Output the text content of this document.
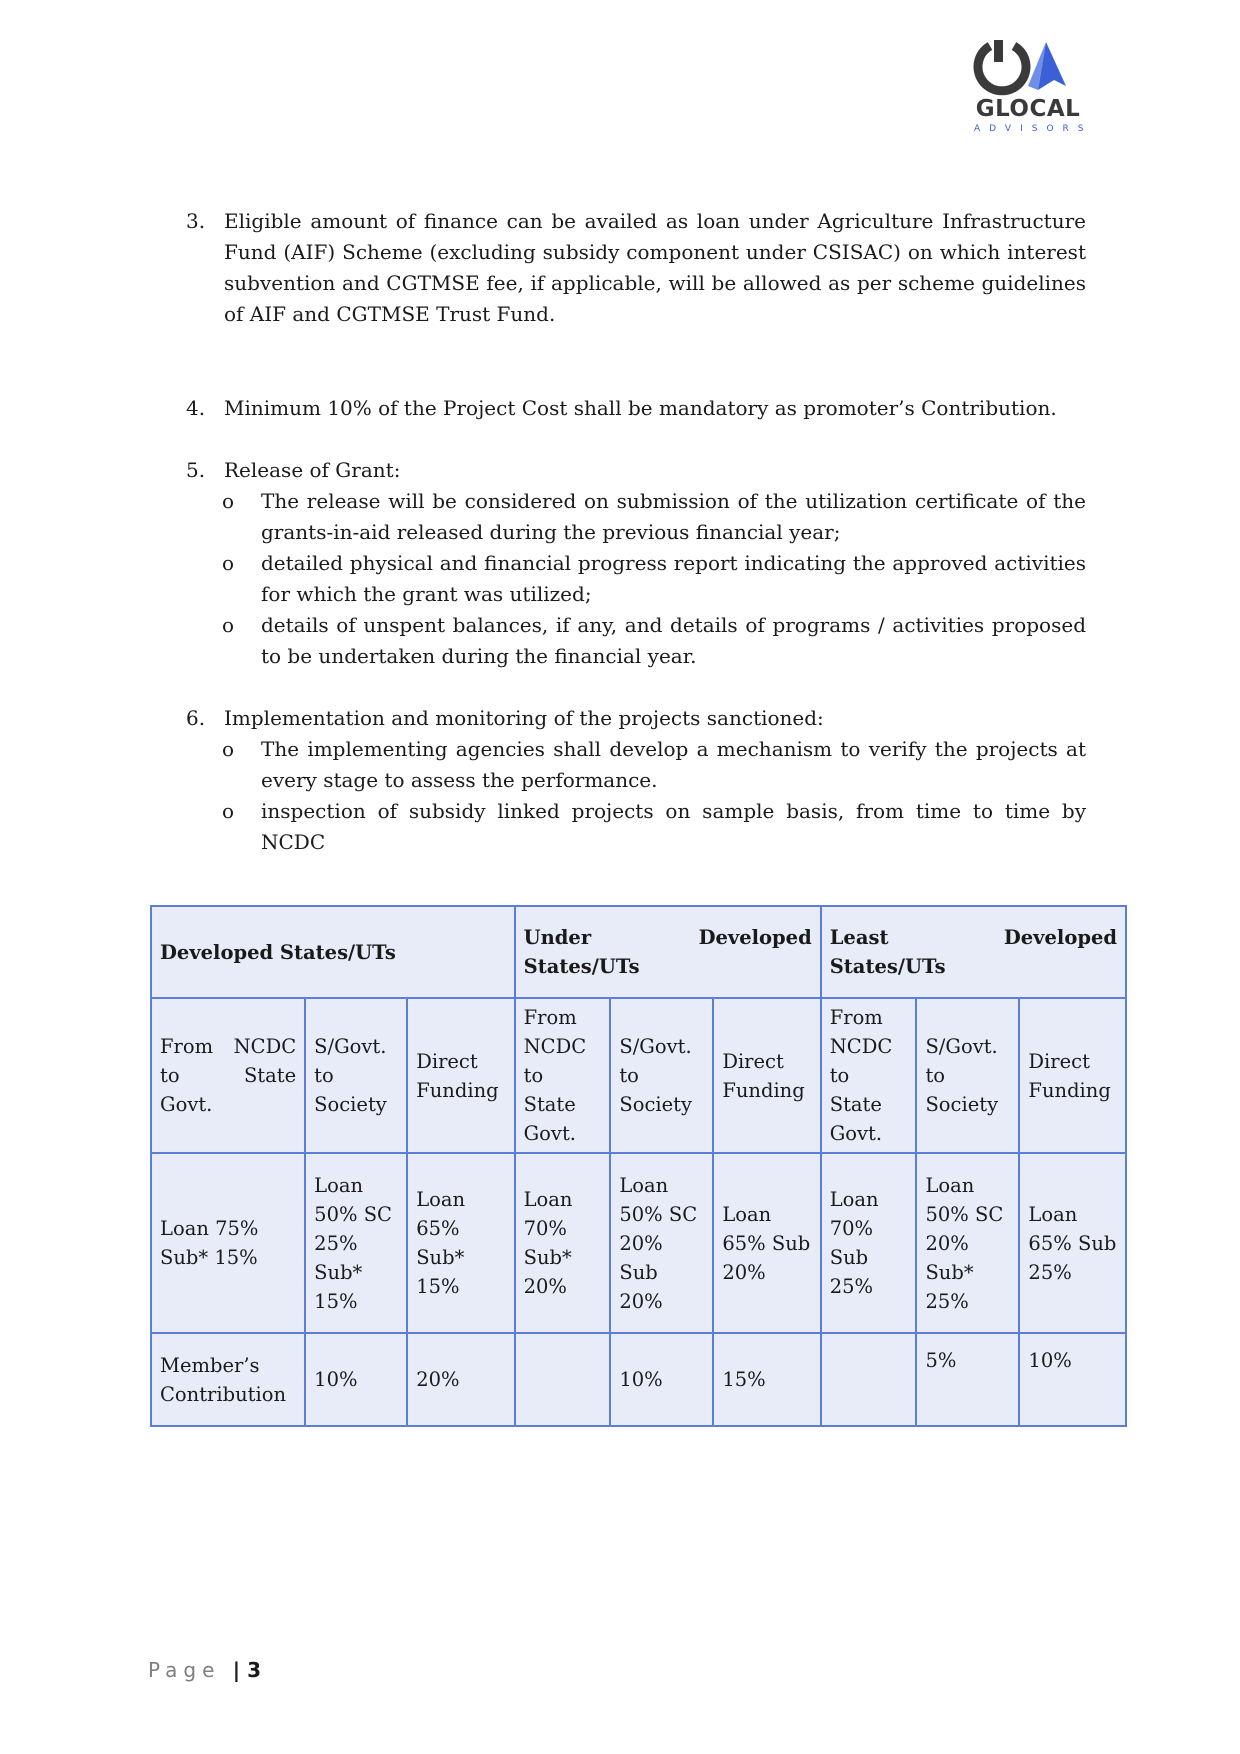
GLOCAL
ADVISORS
3. Eligible amount of finance can be availed as loan under Agriculture Infrastructure Fund (AIF) Scheme (excluding subsidy component under CSISAC) on which interest subvention and CGTMSE fee, if applicable, will be allowed as per scheme guidelines of AIF and CGTMSE Trust Fund.
4. Minimum 10% of the Project Cost shall be mandatory as promoter’s Contribution.
5. Release of Grant:
o The release will be considered on submission of the utilization certificate of the grants-in-aid released during the previous financial year;
o detailed physical and financial progress report indicating the approved activities for which the grant was utilized;
o details of unspent balances, if any, and details of programs / activities proposed to be undertaken during the financial year.
6. Implementation and monitoring of the projects sanctioned:
o The implementing agencies shall develop a mechanism to verify the projects at every stage to assess the performance.
o inspection of subsidy linked projects on sample basis, from time to time by NCDC
Developed States/UTs			Under Developed States/UTs			Least Developed States/UTs		
From NCDC to State Govt.	S/Govt. to Society	Direct Funding	From NCDC to State Govt.	S/Govt. to Society	Direct Funding	From NCDC to State Govt.	S/Govt. to Society	Direct Funding
Loan 75% Sub* 15%	Loan 50% SC 25% Sub* 15%	Loan 65% Sub* 15%	Loan 70% Sub* 20%	Loan 50% SC 20% Sub 20%	Loan 65% Sub 20%	Loan 70% Sub 25%	Loan 50% SC 20% Sub* 25%	Loan 65% Sub 25%
Member’s Contribution	10%	20%		10%	15%		5%	10%
Page | 3
